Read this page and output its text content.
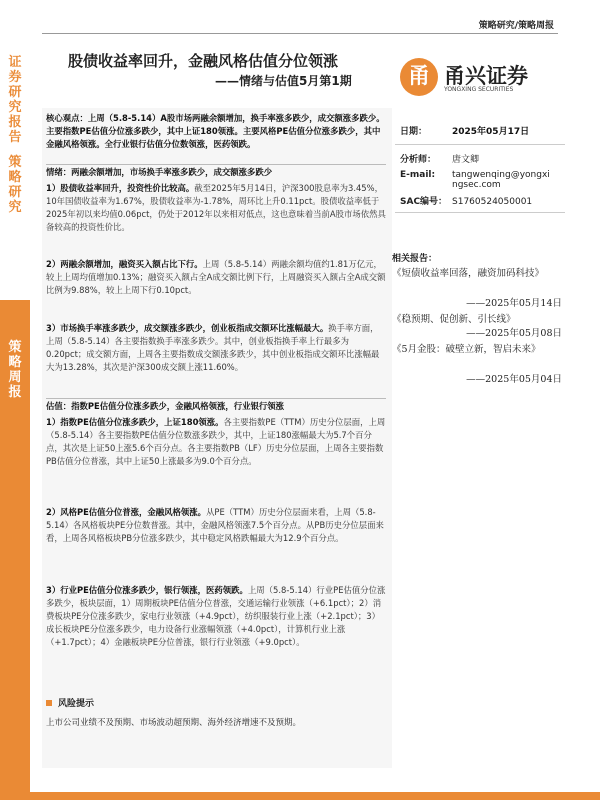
证券研究报告
策略研究
策略周报
策略研究/策略周报
股债收益率回升，金融风格估值分位领涨
——情绪与估值5月第1期	甬 甬兴证券
YONGXING SECURITIES
核心观点：上周（5.8-5.14）A股市场两融余额增加，换手率涨多跌少，成交额涨多跌少。主要指数PE估值分位涨多跌少，其中上证180领涨。主要风格PE估值分位涨多跌少，其中金融风格领涨。全行业银行估值分位数领涨，医药领跌。
情绪：两融余额增加，市场换手率涨多跌少，成交额涨多跌少
1）股债收益率回升，投资性价比较高。截至2025年5月14日，沪深300股息率为3.45%，10年国债收益率为1.67%，股债收益率为-1.78%，周环比上升0.11pct。股债收益率低于2025年初以来均值0.06pct，仍处于2012年以来相对低点，这也意味着当前A股市场依然具备较高的投资性价比。
2）两融余额增加，融资买入额占比下行。上周（5.8-5.14）两融余额均值约1.81万亿元，较上上周均值增加0.13%；融资买入额占全A成交额比例下行，上周融资买入额占全A成交额比例为9.88%，较上上周下行0.10pct。
3）市场换手率涨多跌少，成交额涨多跌少，创业板指成交额环比涨幅最大。换手率方面，上周（5.8-5.14）各主要指数换手率涨多跌少。其中，创业板指换手率上行最多为0.20pct；成交额方面，上周各主要指数成交额涨多跌少，其中创业板指成交额环比涨幅最大为13.28%，其次是沪深300成交额上涨11.60%。
估值：指数PE估值分位涨多跌少，金融风格领涨，行业银行领涨
1）指数PE估值分位涨多跌少，上证180领涨。各主要指数PE（TTM）历史分位层面，上周（5.8-5.14）各主要指数PE估值分位数涨多跌少，其中，上证180涨幅最大为5.7个百分点，其次是上证50上涨5.6个百分点。各主要指数PB（LF）历史分位层面，上周各主要指数PB估值分位普涨，其中上证50上涨最多为9.0个百分点。
2）风格PE估值分位普涨，金融风格领涨。从PE（TTM）历史分位层面来看，上周（5.8-5.14）各风格板块PE分位数普涨。其中，金融风格领涨7.5个百分点。从PB历史分位层面来看，上周各风格板块PB分位涨多跌少，其中稳定风格跌幅最大为12.9个百分点。
3）行业PE估值分位涨多跌少，银行领涨，医药领跌。上周（5.8-5.14）行业PE估值分位涨多跌少，板块层面，1）周期板块PE估值分位普涨，交通运输行业领涨（+6.1pct）；2）消费板块PE分位涨多跌少，家电行业领涨（+4.9pct），纺织服装行业上涨（+2.1pct）；3）成长板块PE分位涨多跌少，电力设备行业涨幅领涨（+4.0pct），计算机行业上涨（+1.7pct）；4）金融板块PE分位普涨，银行行业领涨（+9.0pct）。
风险提示
上市公司业绩不及预期、市场波动超预期、海外经济增速不及预期。
日期：	2025年05月17日
分析师： 唐文卿
E-mail: tangwenqing@yongxingsec.com
SAC编号： S1760524050001
相关报告：
《短债收益率回落，融资加码科技》
——2025年05月14日
《稳预期、促创新、引长线》
——2025年05月08日
《5月金股：破壁立新，智启未来》
——2025年05月04日
